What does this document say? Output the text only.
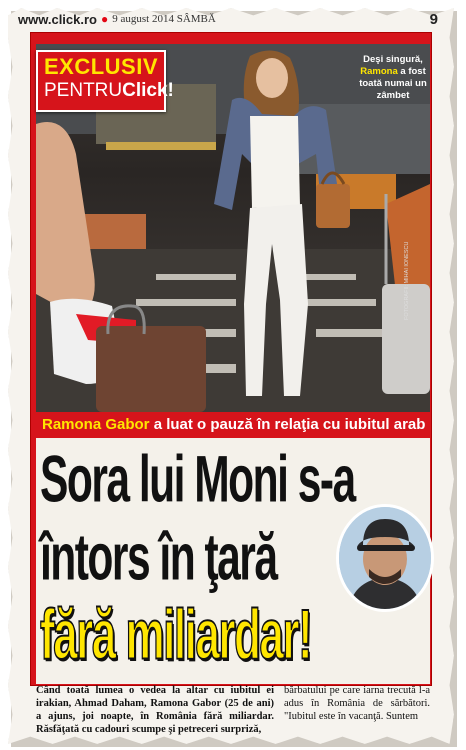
www.click.ro ● 9 august 2014 SÂMBĂ	9
EXCLUSIV
PENTRUClick!
Deşi singură,
Ramona a fost toată numai un zâmbet
FOTOGRAFII: MIHAI IONESCU
Ramona Gabor a luat o pauză în relaţia cu iubitul arab
Sora lui Moni s-a
întors în ţară
fără miliardar!
Când toată lumea o vedea la altar cu iubitul ei irakian, Ahmad Daham, Ramona Gabor (25 de ani) a ajuns, joi noapte, în România fără miliardar. Răsfăţată cu cadouri scumpe şi petreceri surpriză,
bărbatului pe care iarna trecută l-a adus în România de sărbători. "Iubitul este în vacanţă. Suntem
